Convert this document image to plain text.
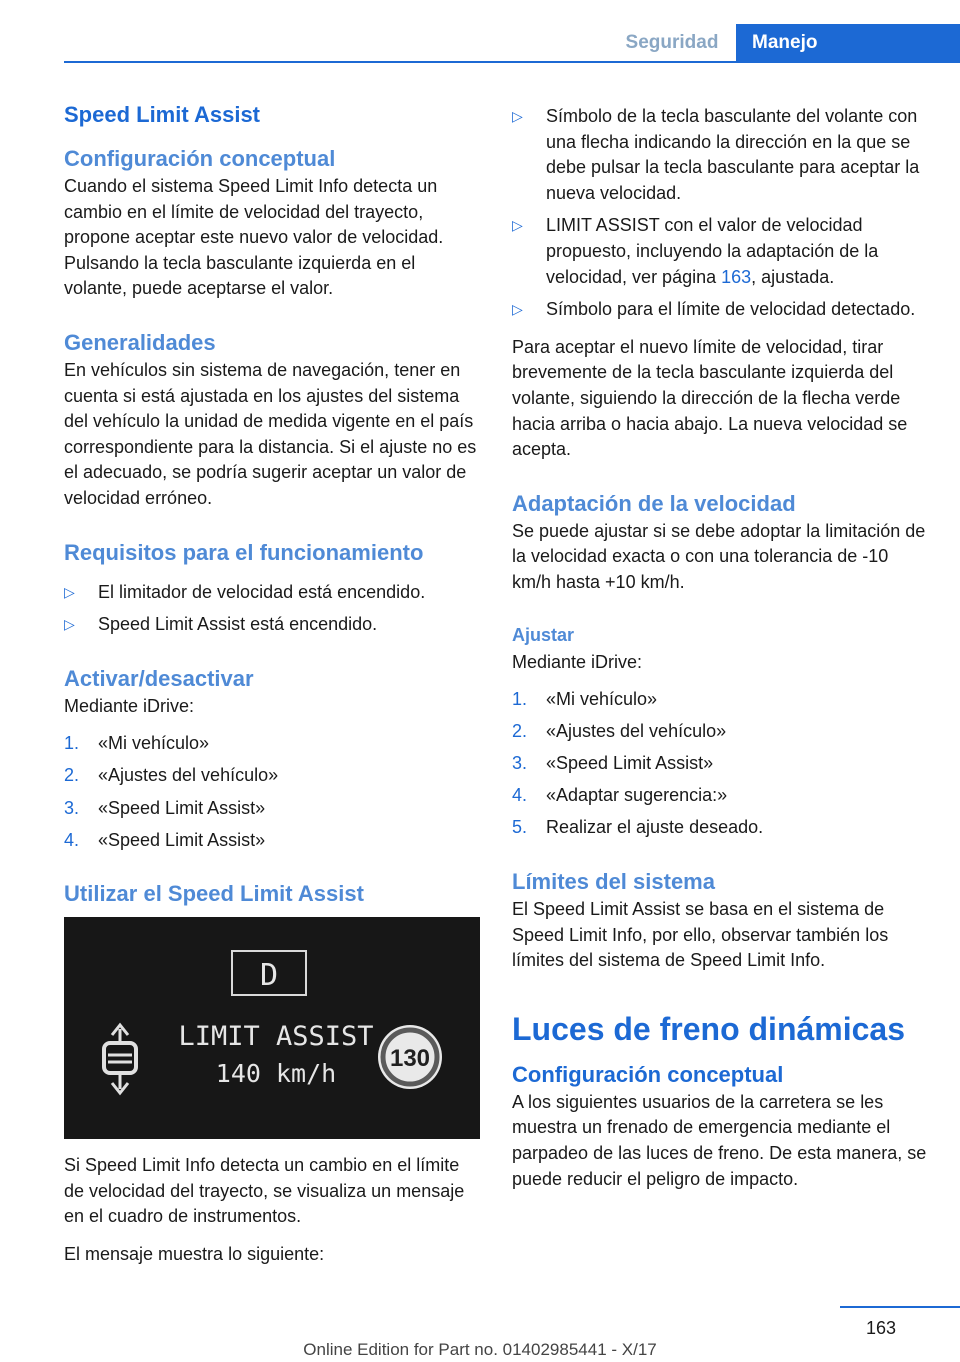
Seguridad	Manejo
Speed Limit Assist
Configuración conceptual

Cuando el sistema Speed Limit Info detecta un cambio en el límite de velocidad del trayecto, propone aceptar este nuevo valor de velocidad. Pulsando la tecla basculante izquierda en el volante, puede aceptarse el valor.

Generalidades

En vehículos sin sistema de navegación, tener en cuenta si está ajustada en los ajustes del sistema del vehículo la unidad de medida vigente en el país correspondiente para la distancia. Si el ajuste no es el adecuado, se podría sugerir aceptar un valor de velocidad erróneo.

Requisitos para el funcionamiento
▷ El limitador de velocidad está encendido.
▷ Speed Limit Assist está encendido.
Activar/desactivar

Mediante iDrive:

1. «Mi vehículo»
2. «Ajustes del vehículo»
3. «Speed Limit Assist»
4. «Speed Limit Assist»
Utilizar el Speed Limit Assist
D
LIMIT ASSIST
140 km/h
130

Si Speed Limit Info detecta un cambio en el límite de velocidad del trayecto, se visualiza un mensaje en el cuadro de instrumentos.

El mensaje muestra lo siguiente:

▷ Símbolo de la tecla basculante del volante con una flecha indicando la dirección en la que se debe pulsar la tecla basculante para aceptar la nueva velocidad.
▷ LIMIT ASSIST con el valor de velocidad propuesto, incluyendo la adaptación de la velocidad, ver página 163, ajustada.
▷ Símbolo para el límite de velocidad detectado.

Para aceptar el nuevo límite de velocidad, tirar brevemente de la tecla basculante izquierda del volante, siguiendo la dirección de la flecha verde hacia arriba o hacia abajo. La nueva velocidad se acepta.

Adaptación de la velocidad

Se puede ajustar si se debe adoptar la limitación de la velocidad exacta o con una tolerancia de -10 km/h hasta +10 km/h.

Ajustar

Mediante iDrive:

1. «Mi vehículo»
2. «Ajustes del vehículo»
3. «Speed Limit Assist»
4. «Adaptar sugerencia:»
5. Realizar el ajuste deseado.
Límites del sistema

El Speed Limit Assist se basa en el sistema de Speed Limit Info, por ello, observar también los límites del sistema de Speed Limit Info.

Luces de freno dinámicas
Configuración conceptual

A los siguientes usuarios de la carretera se les muestra un frenado de emergencia mediante el parpadeo de las luces de freno. De esta manera, se puede reducir el peligro de impacto.

163
Online Edition for Part no. 01402985441 - X/17
